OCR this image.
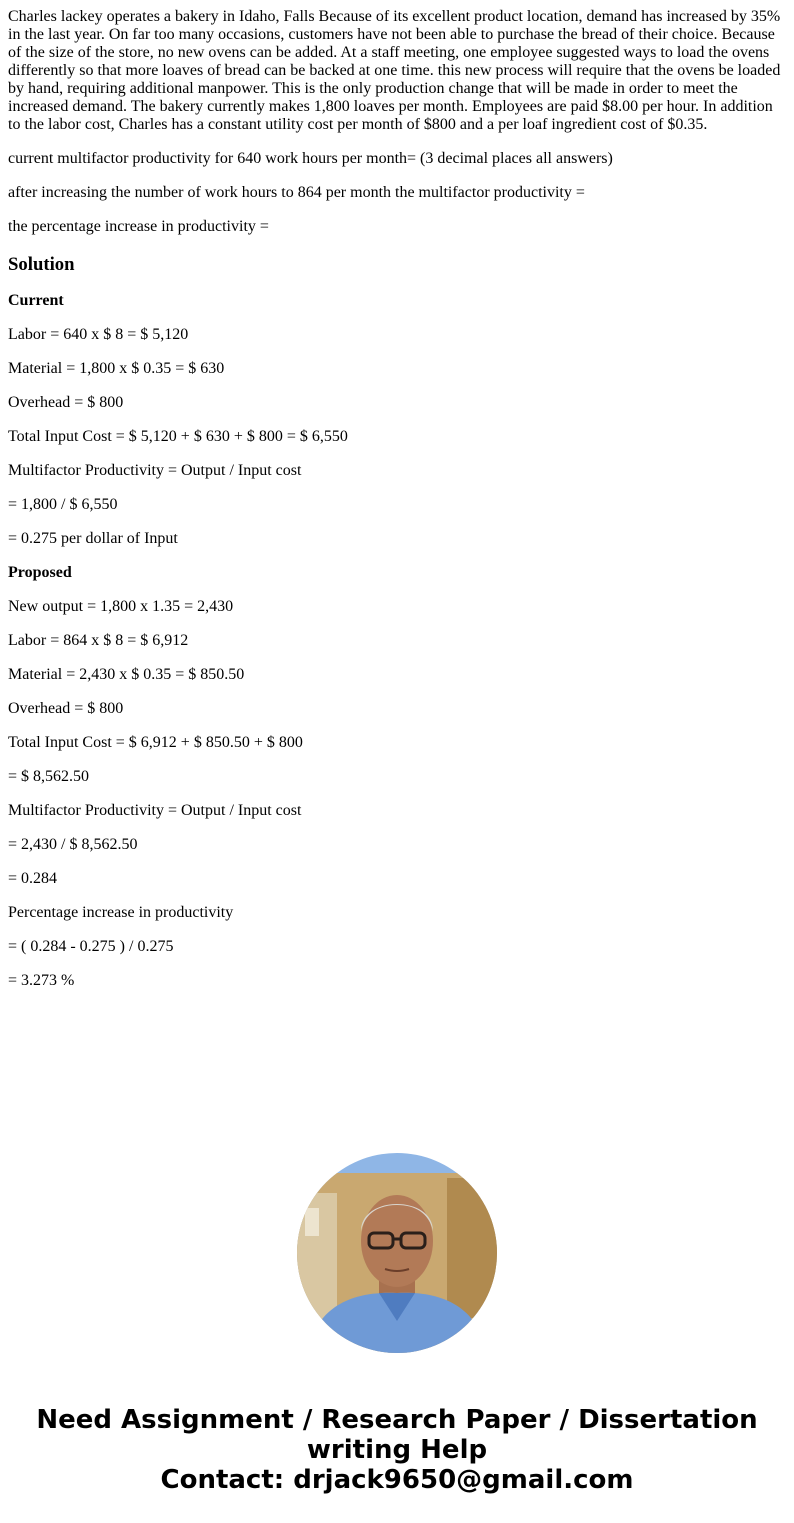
Charles lackey operates a bakery in Idaho, Falls Because of its excellent product location, demand has increased by 35% in the last year. On far too many occasions, customers have not been able to purchase the bread of their choice. Because of the size of the store, no new ovens can be added. At a staff meeting, one employee suggested ways to load the ovens differently so that more loaves of bread can be backed at one time. this new process will require that the ovens be loaded by hand, requiring additional manpower. This is the only production change that will be made in order to meet the increased demand. The bakery currently makes 1,800 loaves per month. Employees are paid $8.00 per hour. In addition to the labor cost, Charles has a constant utility cost per month of $800 and a per loaf ingredient cost of $0.35.

current multifactor productivity for 640 work hours per month= (3 decimal places all answers)

after increasing the number of work hours to 864 per month the multifactor productivity =

the percentage increase in productivity =

Solution

Current

Labor = 640 x $ 8 = $ 5,120

Material = 1,800 x $ 0.35 = $ 630

Overhead = $ 800

Total Input Cost = $ 5,120 + $ 630 + $ 800 = $ 6,550

Multifactor Productivity = Output / Input cost

= 1,800 / $ 6,550

= 0.275 per dollar of Input

Proposed

New output = 1,800 x 1.35 = 2,430

Labor = 864 x $ 8 = $ 6,912

Material = 2,430 x $ 0.35 = $ 850.50

Overhead = $ 800

Total Input Cost = $ 6,912 + $ 850.50 + $ 800

= $ 8,562.50

Multifactor Productivity = Output / Input cost

= 2,430 / $ 8,562.50

= 0.284

Percentage increase in productivity

= ( 0.284 - 0.275 ) / 0.275

= 3.273 %

Need Assignment / Research Paper / Dissertation
writing Help
Contact: drjack9650@gmail.com
